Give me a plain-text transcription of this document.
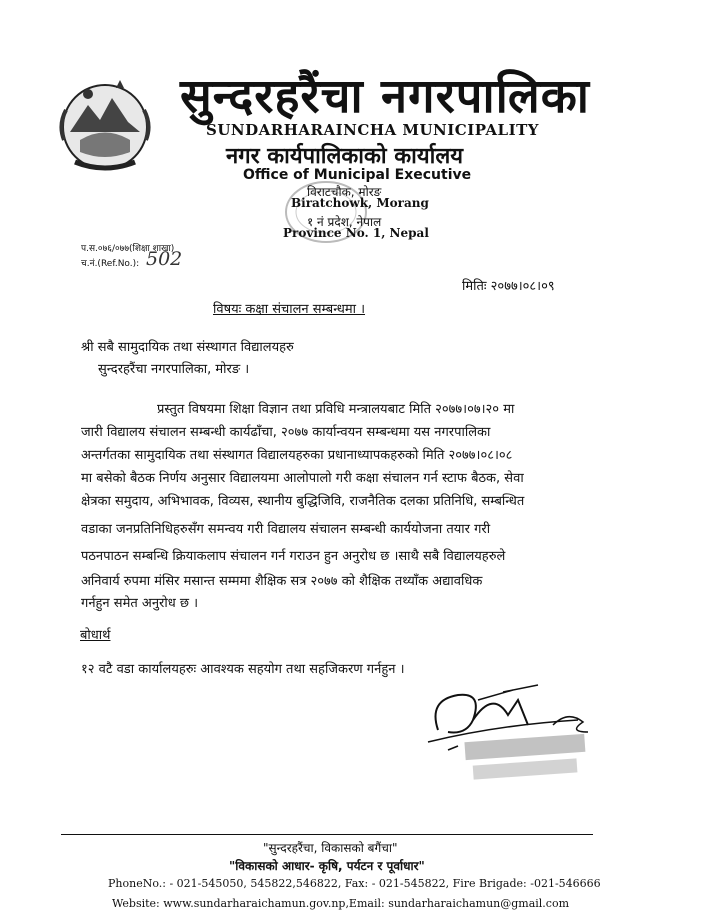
सुन्दरहरैंचा नगरपालिका
SUNDARHARAINCHA MUNICIPALITY
नगर कार्यपालिकाको कार्यालय
Office of Municipal Executive
विराटचौक, मोरङ
Biratchowk, Morang
१ नं प्रदेश, नेपाल
Province No. 1, Nepal
प.स.०७६/०७७(शिक्षा शाखा)
च.नं.(Ref.No.): 502
मितिः २०७७।०८।०९
विषयः कक्षा संचालन सम्बन्धमा ।
श्री सबै सामुदायिक तथा संस्थागत विद्यालयहरु
सुन्दरहरैंचा नगरपालिका, मोरङ ।
प्रस्तुत विषयमा शिक्षा विज्ञान तथा प्रविधि मन्त्रालयबाट मिति २०७७।०७।२० मा
जारी विद्यालय संचालन सम्बन्धी कार्यढाँचा, २०७७ कार्यान्वयन सम्बन्धमा यस नगरपालिका
अन्तर्गतका सामुदायिक तथा संस्थागत विद्यालयहरुका प्रधानाध्यापकहरुको मिति २०७७।०८।०८
मा बसेको बैठक निर्णय अनुसार विद्यालयमा आलोपालो गरी कक्षा संचालन गर्न स्टाफ बैठक, सेवा
क्षेत्रका समुदाय, अभिभावक, विव्यस, स्थानीय बुद्धिजिवि, राजनैतिक दलका प्रतिनिधि, सम्बन्धित
वडाका जनप्रतिनिधिहरुसँग समन्वय गरी विद्यालय संचालन सम्बन्धी कार्ययोजना तयार गरी
पठनपाठन सम्बन्धि क्रियाकलाप संचालन गर्न गराउन हुन अनुरोध छ ।साथै सबै विद्यालयहरुले
अनिवार्य रुपमा मंसिर मसान्त सम्ममा शैक्षिक सत्र २०७७ को शैक्षिक तथ्याँक अद्यावधिक
गर्नहुन समेत अनुरोध छ ।
बोधार्थ
१२ वटै वडा कार्यालयहरुः आवश्यक सहयोग तथा सहजिकरण गर्नहुन ।
"सुन्दरहरैंचा, विकासको बगैंचा"
"विकासको आधार- कृषि, पर्यटन र पूर्वाधार"
PhoneNo.: - 021-545050, 545822,546822, Fax: - 021-545822, Fire Brigade: -021-546666
Website: www.sundarharaichamun.gov.np,Email: sundarharaichamun@gmail.com
